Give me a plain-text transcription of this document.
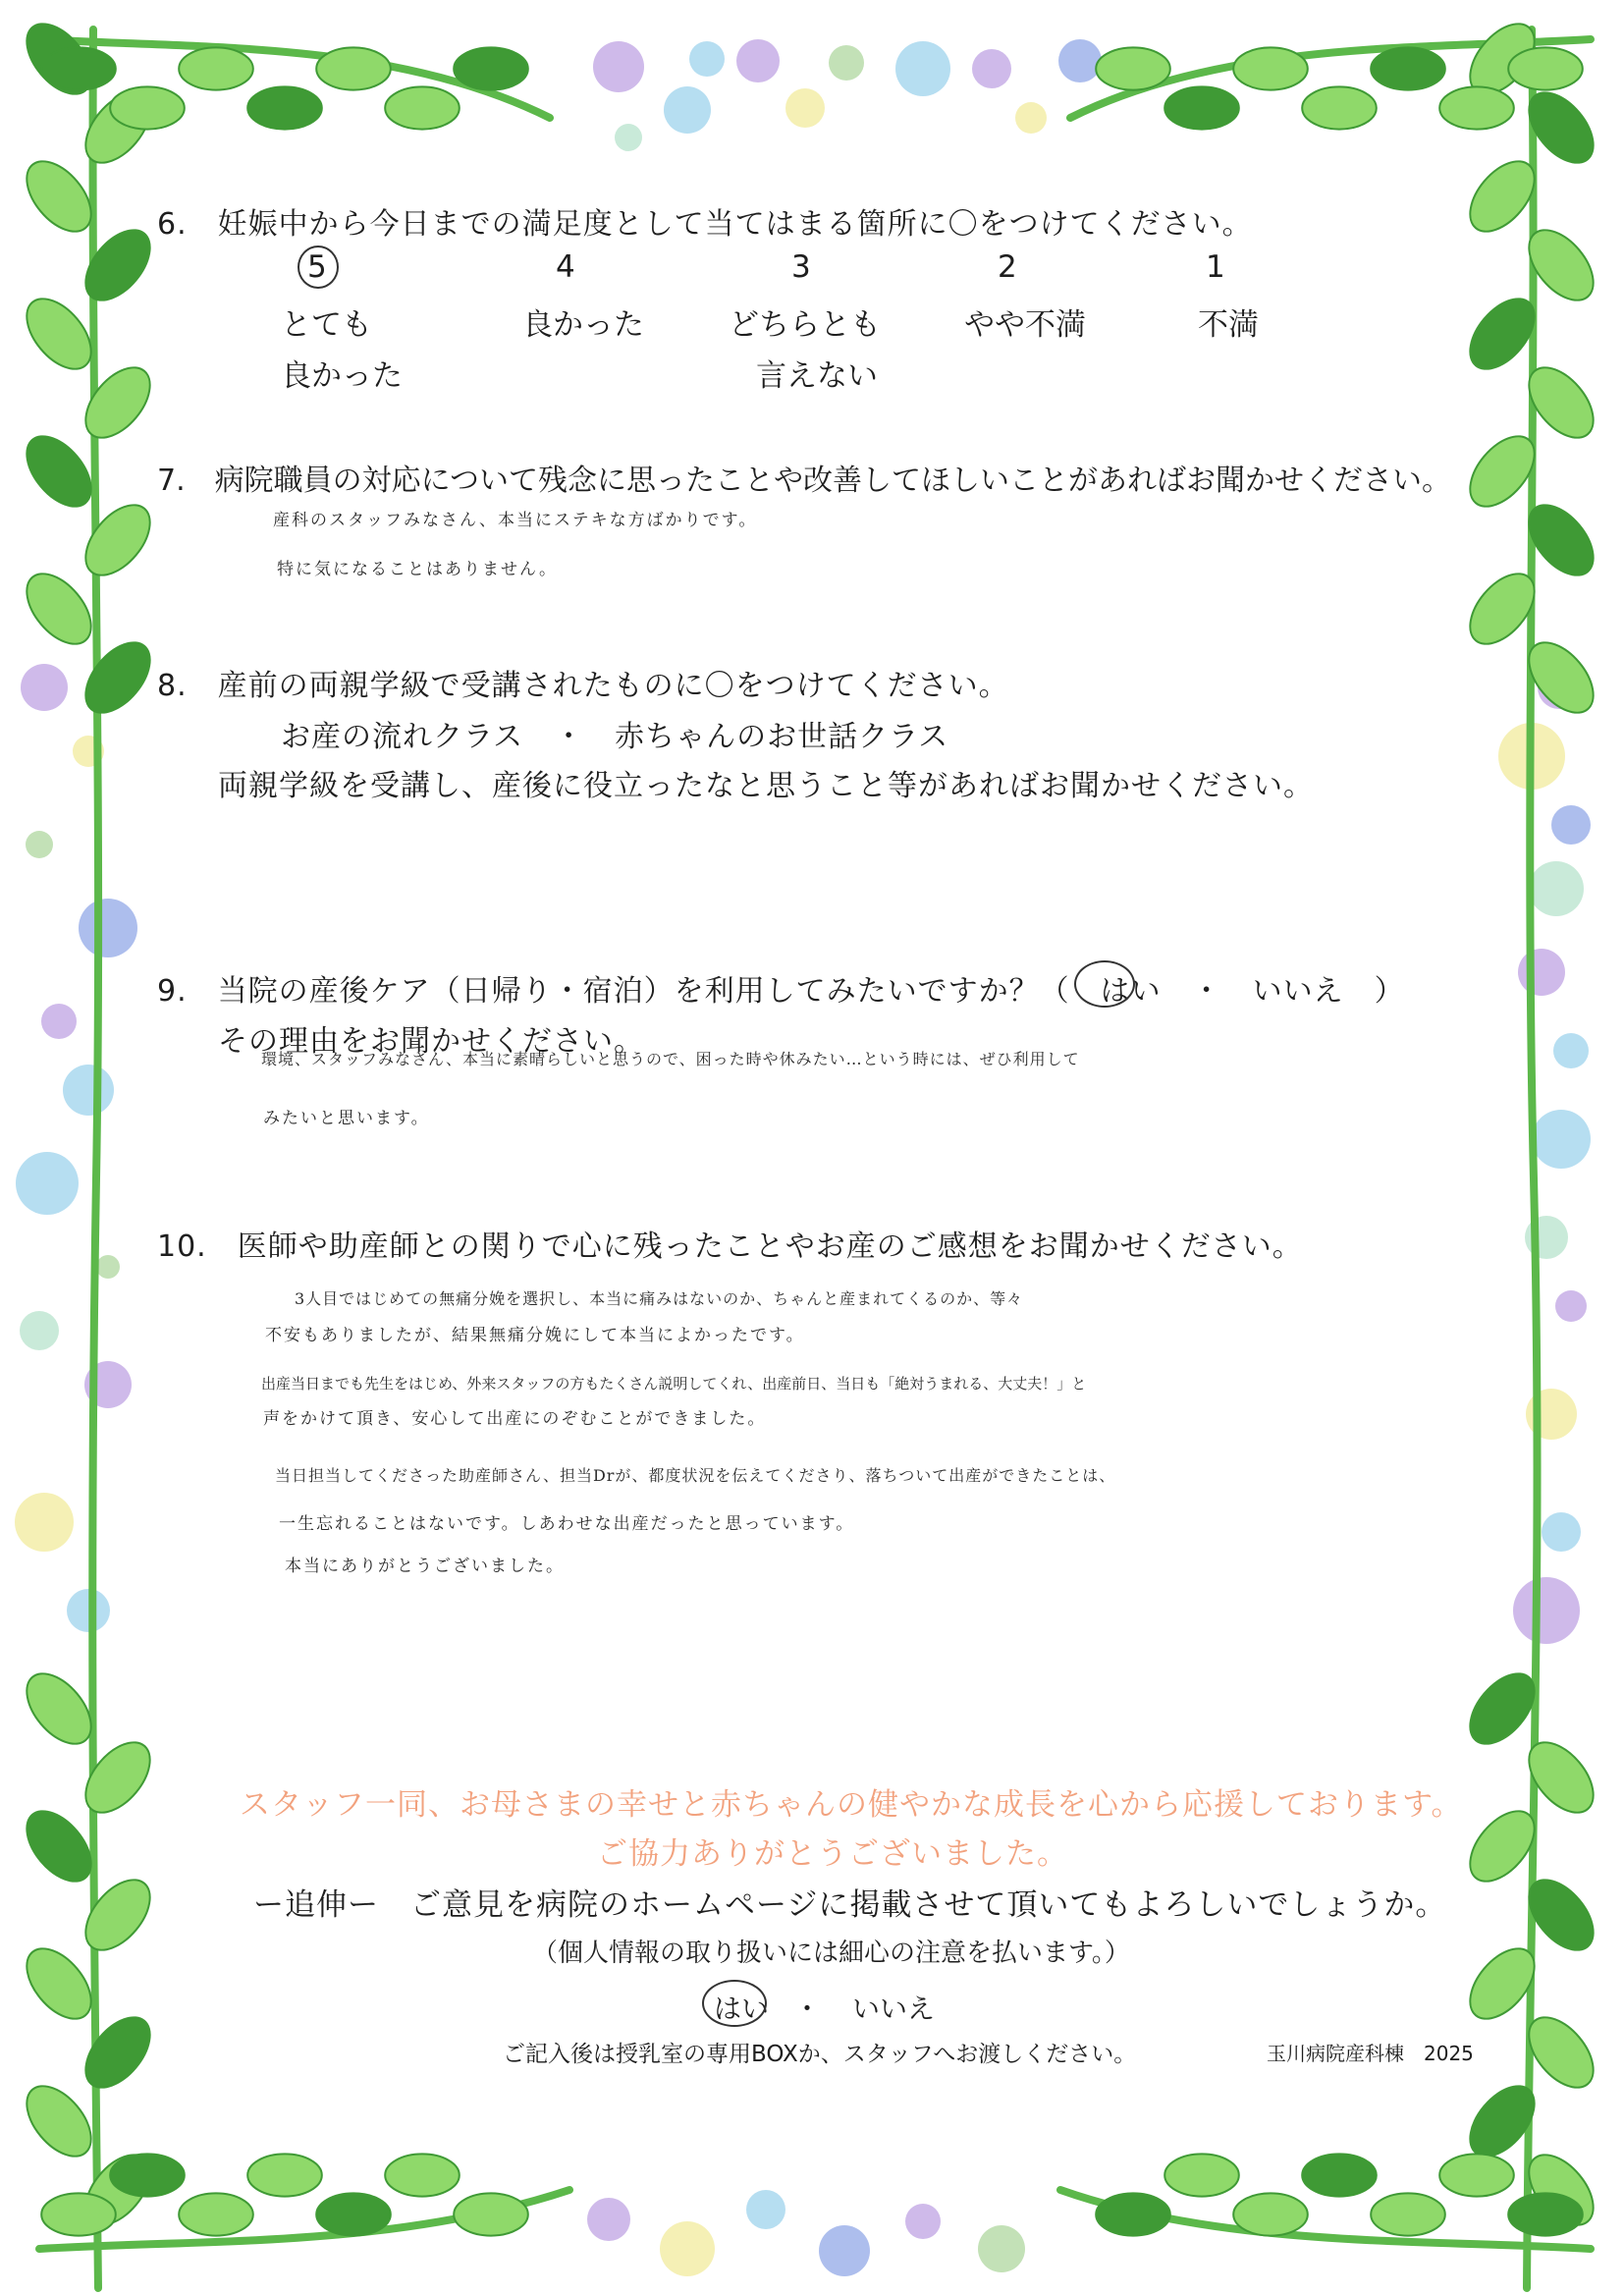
6.　妊娠中から今日までの満足度として当てはまる箇所に〇をつけてください。
5
とても
良かった
4
良かった
3
どちらとも
言えない
2
やや不満
1
不満
7.　病院職員の対応について残念に思ったことや改善してほしいことがあればお聞かせください。
産科のスタッフみなさん、本当にステキな方ばかりです。
特に気になることはありません。
8.　産前の両親学級で受講されたものに〇をつけてください。
お産の流れクラス　・　赤ちゃんのお世話クラス
両親学級を受講し、産後に役立ったなと思うこと等があればお聞かせください。
9.　当院の産後ケア（日帰り・宿泊）を利用してみたいですか？（　はい　・　いいえ　）
その理由をお聞かせください。
環境、スタッフみなさん、本当に素晴らしいと思うので、困った時や休みたい…という時には、ぜひ利用して
みたいと思います。
10.　医師や助産師との関りで心に残ったことやお産のご感想をお聞かせください。
3人目ではじめての無痛分娩を選択し、本当に痛みはないのか、ちゃんと産まれてくるのか、等々
不安もありましたが、結果無痛分娩にして本当によかったです。
出産当日までも先生をはじめ、外来スタッフの方もたくさん説明してくれ、出産前日、当日も「絶対うまれる、大丈夫！」と
声をかけて頂き、安心して出産にのぞむことができました。
当日担当してくださった助産師さん、担当Drが、都度状況を伝えてくださり、落ちついて出産ができたことは、
一生忘れることはないです。しあわせな出産だったと思っています。
本当にありがとうございました。
スタッフ一同、お母さまの幸せと赤ちゃんの健やかな成長を心から応援しております。
ご協力ありがとうございました。
ー追伸ー　ご意見を病院のホームページに掲載させて頂いてもよろしいでしょうか。
（個人情報の取り扱いには細心の注意を払います。）
はい ・ いいえ
ご記入後は授乳室の専用BOXか、スタッフへお渡しください。	玉川病院産科棟　2025
